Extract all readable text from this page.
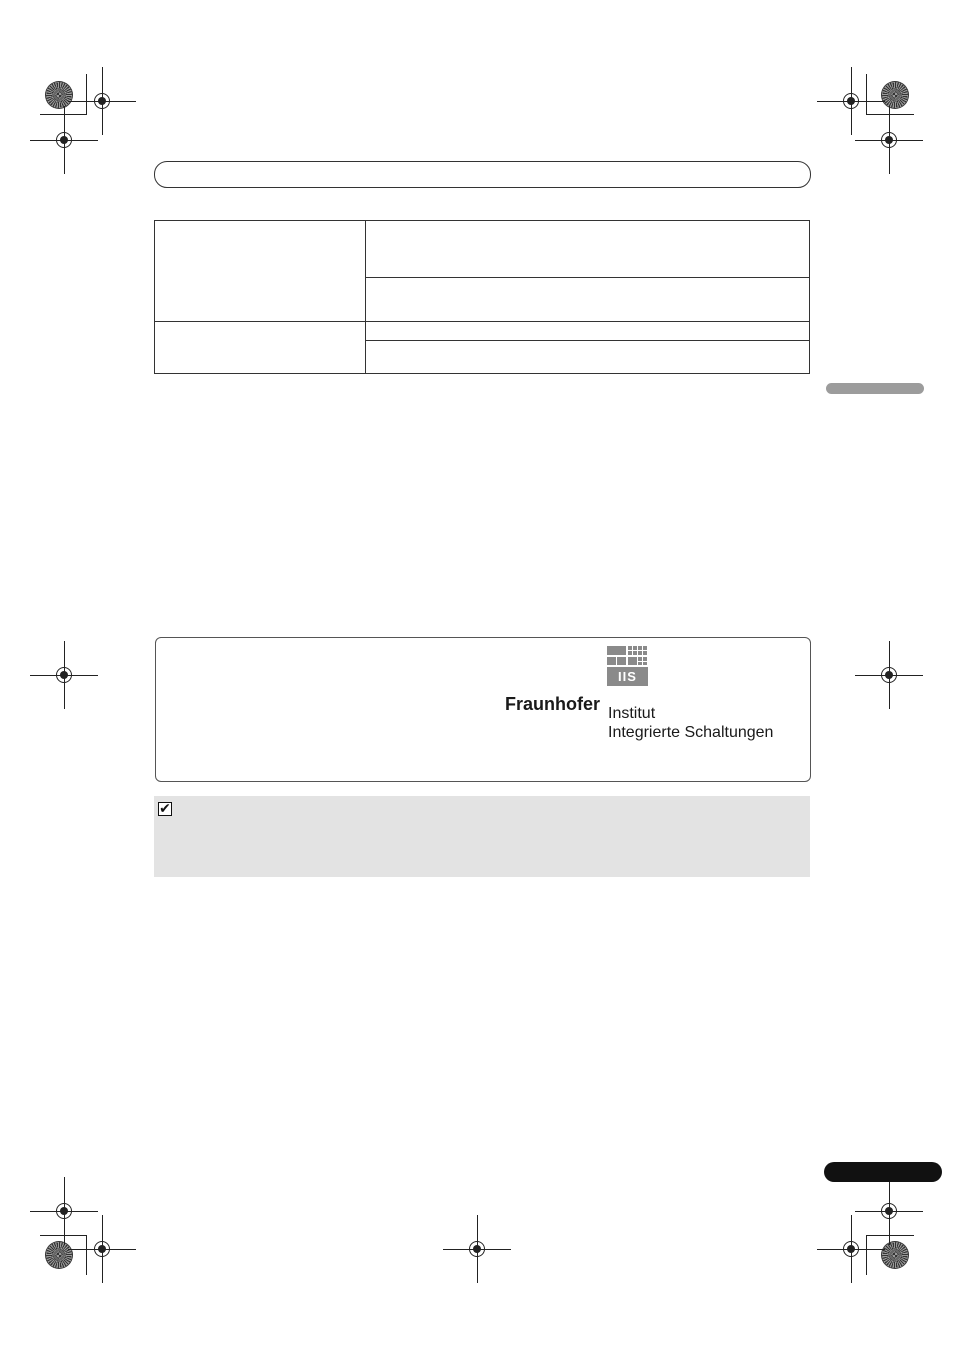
IIS
Fraunhofer Institut
Integrierte Schaltungen
✔
